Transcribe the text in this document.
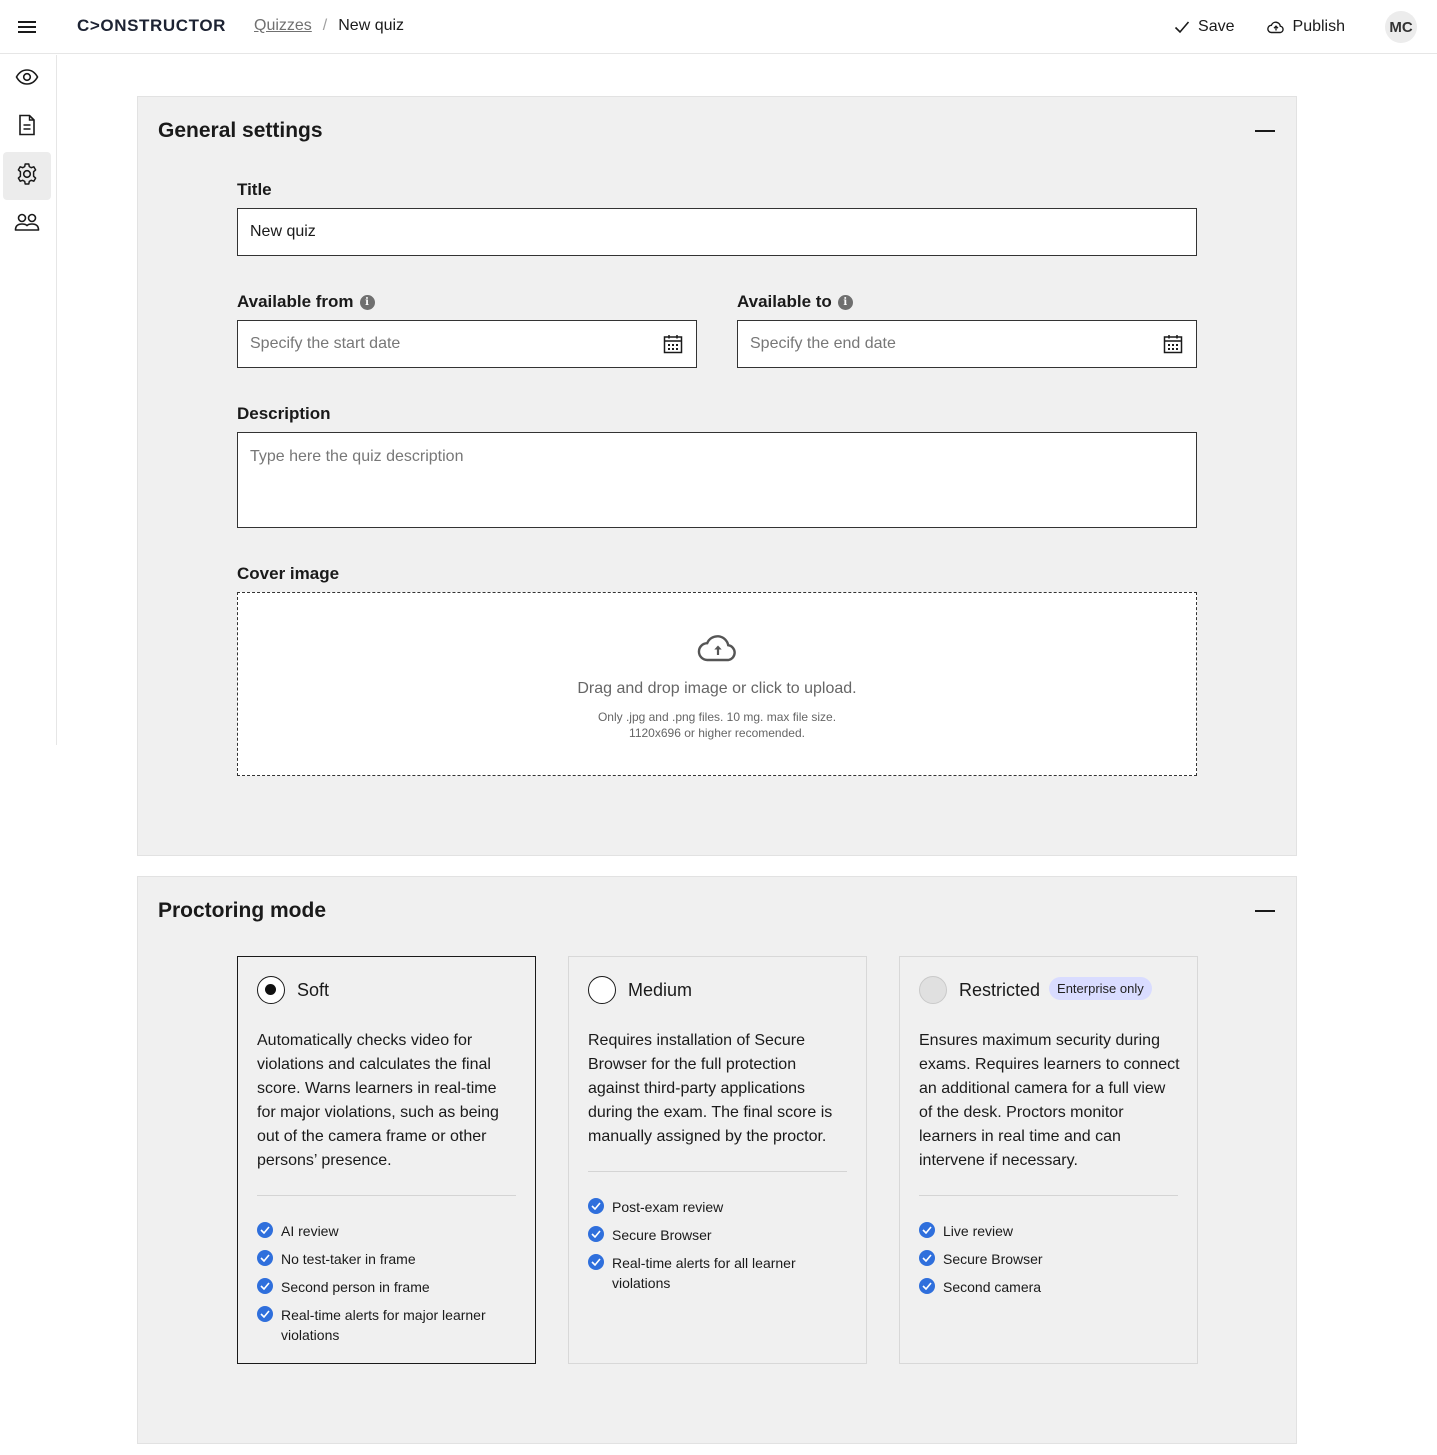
C>ONSTRUCTOR Quizzes / New quiz	Save	Publish	MC
General settings
Title
New quiz
Available from	i
Specify the start date
Available to	i
Specify the end date
Description
Type here the quiz description
Cover image
Drag and drop image or click to upload.
Only .jpg and .png files. 10 mg. max file size.
1120x696 or higher recomended.
Proctoring mode
Soft
Automatically checks video for violations and calculates the final score. Warns learners in real-time for major violations, such as being out of the camera frame or other persons’ presence.
AI review
No test-taker in frame
Second person in frame
Real-time alerts for major learner violations
Medium
Requires installation of Secure Browser for the full protection against third-party applications during the exam. The final score is manually assigned by the proctor.
Post-exam review
Secure Browser
Real-time alerts for all learner violations
Restricted	Enterprise only
Ensures maximum security during exams. Requires learners to connect an additional camera for a full view of the desk. Proctors monitor learners in real time and can intervene if necessary.
Live review
Secure Browser
Second camera
